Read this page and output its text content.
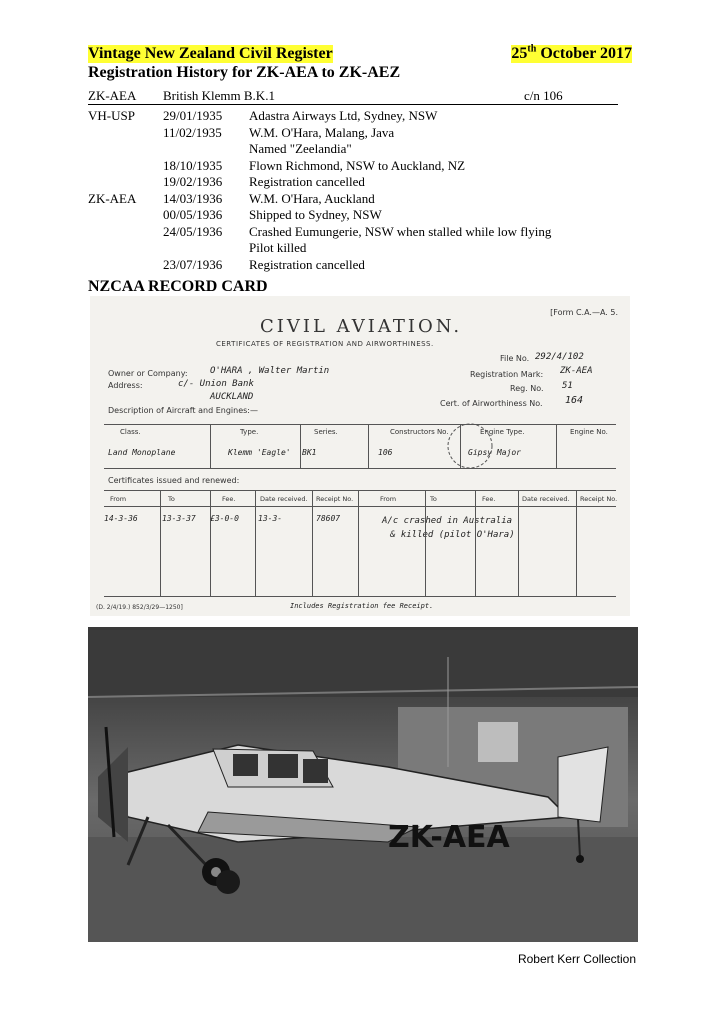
Vintage New Zealand Civil Register	25th October 2017
Registration History for ZK-AEA to ZK-AEZ
ZK-AEA British Klemm B.K.1	c/n 106
VH-USP 29/01/1935 Adastra Airways Ltd, Sydney, NSW
11/02/1935 W.M. O'Hara, Malang, Java
Named "Zeelandia"
18/10/1935 Flown Richmond, NSW to Auckland, NZ
19/02/1936 Registration cancelled
ZK-AEA 14/03/1936 W.M. O'Hara, Auckland
00/05/1936 Shipped to Sydney, NSW
24/05/1936 Crashed Eumungerie, NSW when stalled while low flying
Pilot killed
23/07/1936 Registration cancelled
NZCAA RECORD CARD
[Form C.A.—A. 5.
CIVIL AVIATION.
CERTIFICATES OF REGISTRATION AND AIRWORTHINESS.
File No. 292/4/102
Owner or Company: O'HARA , Walter Martin	Registration Mark: ZK-AEA
Address:	c/- Union Bank	Reg. No. 51
AUCKLAND
Cert. of Airworthiness No. 164
Description of Aircraft and Engines:—
Class.	Type.	Series.	Constructors No.	Engine Type.	Engine No.
Land Monoplane	Klemm 'Eagle' BK1	106	Gipsy Major
Certificates issued and renewed:
From	To	Fee.	Date received. Receipt No.	From	To	Fee.	Date received. Receipt No.
14-3-36	13-3-37 £3-0-0 13-3-	78607	A/c crashed in Australia
& killed (pilot O'Hara)
(D. 2/4/19.) 852/3/29—1250]	Includes Registration fee Receipt.
ZK-AEA
Robert Kerr Collection
